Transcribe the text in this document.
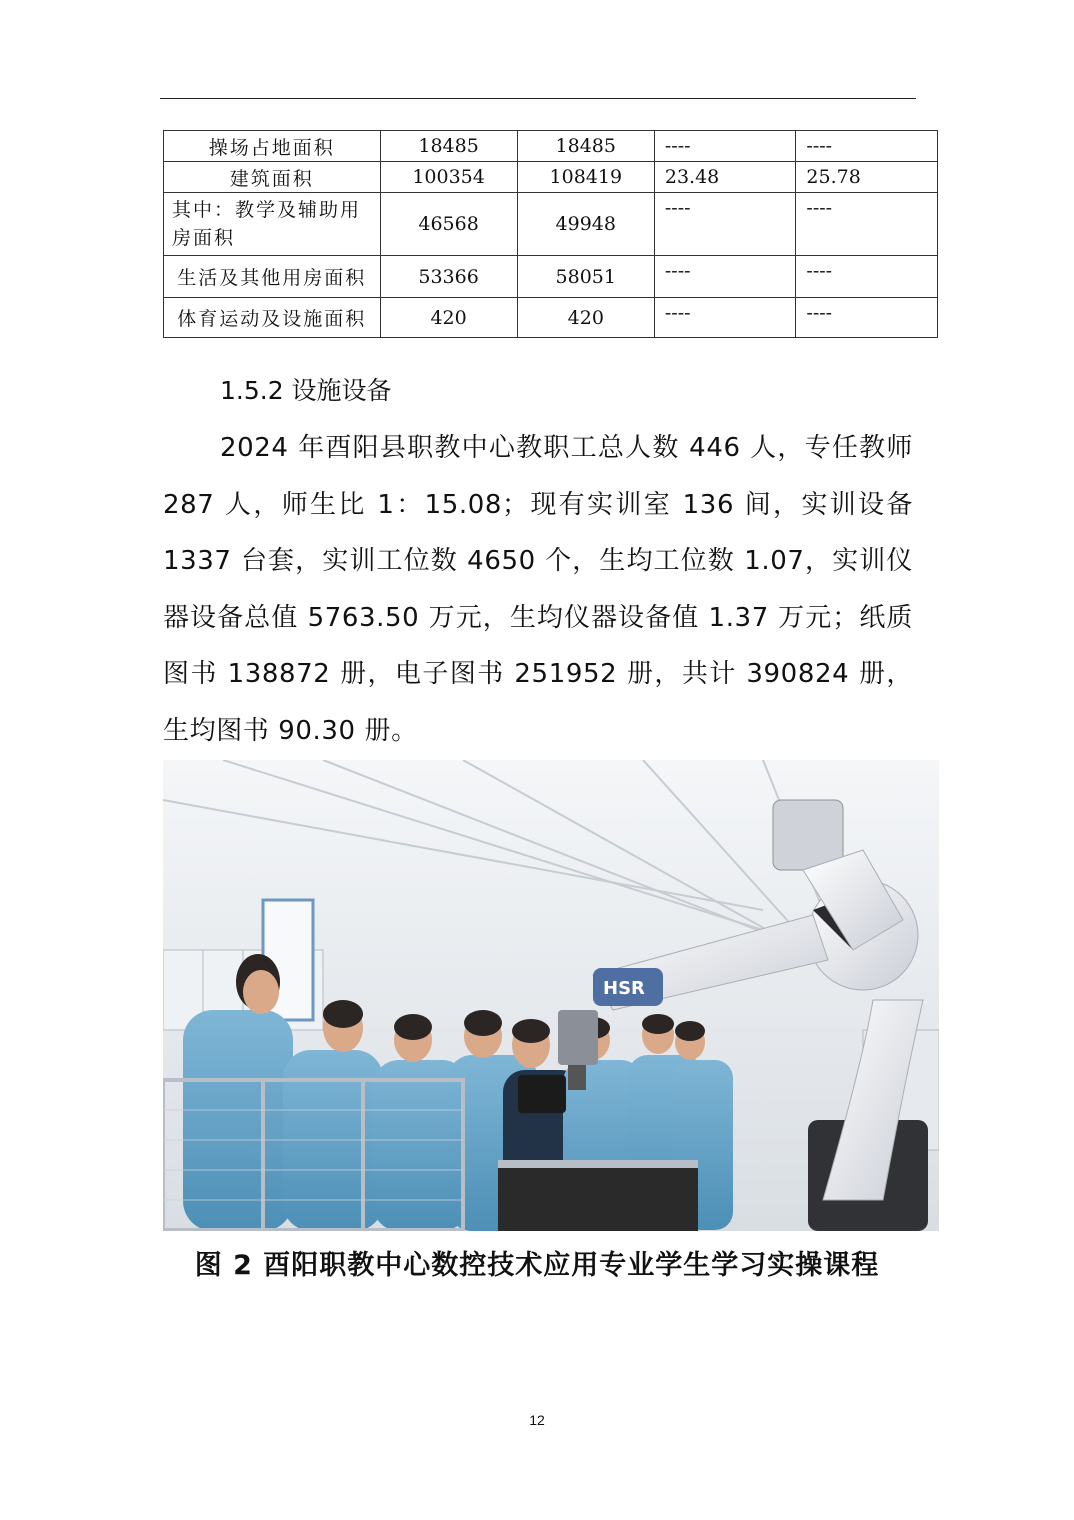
操场占地面积	18485	18485	----	----
建筑面积	100354	108419	23.48	25.78
其中：教学及辅助用房面积	46568	49948	----	----
生活及其他用房面积	53366	58051	----	----
体育运动及设施面积	420	420	----	----
1.5.2 设施设备
2024 年酉阳县职教中心教职工总人数 446 人，专任教师 287 人，师生比 1：15.08；现有实训室 136 间，实训设备 1337 台套，实训工位数 4650 个，生均工位数 1.07，实训仪器设备总值 5763.50 万元，生均仪器设备值 1.37 万元；纸质图书 138872 册，电子图书 251952 册，共计 390824 册，生均图书 90.30 册。
HSR
图 2 酉阳职教中心数控技术应用专业学生学习实操课程
12
